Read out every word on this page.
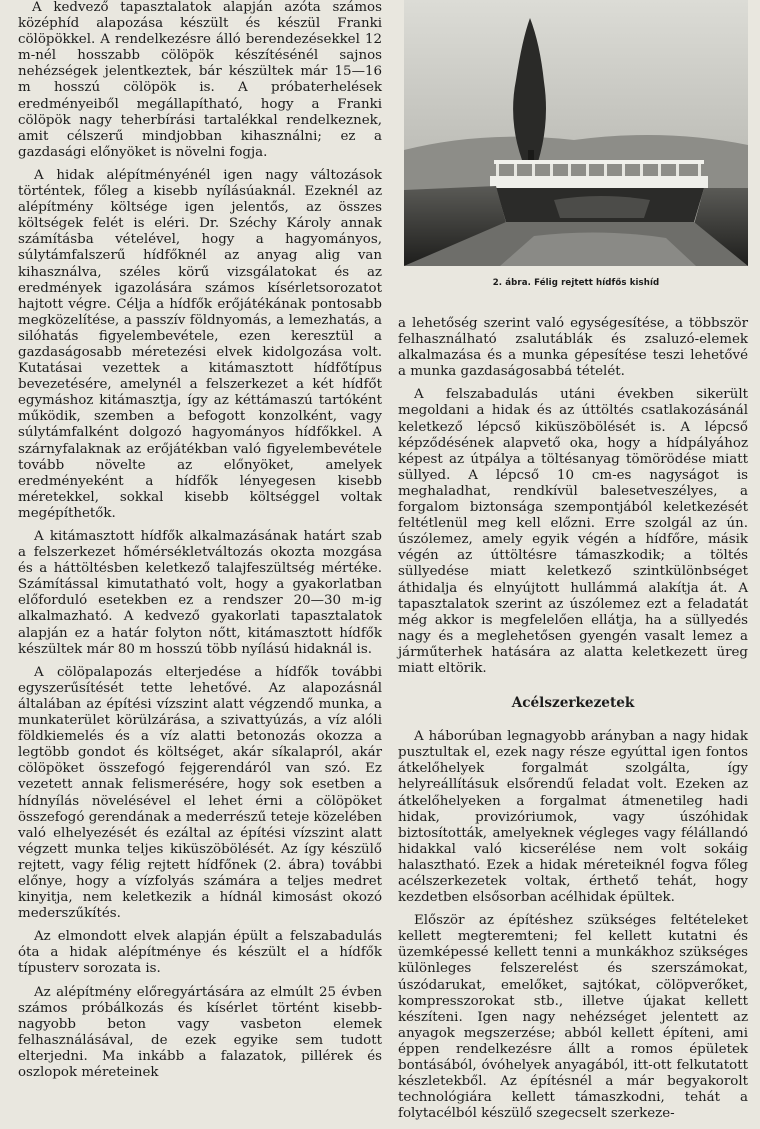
A kedvező tapasztalatok alapján azóta számos középhíd alapozása készült és készül Franki cölöpökkel. A rendelkezésre álló berendezésekkel 12 m-nél hosszabb cölöpök készítésénél sajnos nehézségek jelentkeztek, bár készültek már 15—16 m hosszú cölöpök is. A próbaterhelések eredményeiből megállapítható, hogy a Franki cölöpök nagy teherbírási tartalékkal rendelkeznek, amit célszerű mindjobban kihasználni; ez a gazdasági előnyöket is növelni fogja.

A hidak alépítményénél igen nagy változások történtek, főleg a kisebb nyílásúaknál. Ezeknél az alépítmény költsége igen jelentős, az összes költségek felét is eléri. Dr. Széchy Károly annak számításba vételével, hogy a hagyományos, súlytámfalszerű hídfőknél az anyag alig van kihasználva, széles körű vizsgálatokat és az eredmények igazolására számos kísérletsorozatot hajtott végre. Célja a hídfők erőjátékának pontosabb megközelítése, a passzív földnyomás, a lemezhatás, a silóhatás figyelembevétele, ezen keresztül a gazdaságosabb méretezési elvek kidolgozása volt. Kutatásai vezettek a kitámasztott hídfőtípus bevezetésére, amelynél a felszerkezet a két hídfőt egymáshoz kitámasztja, így az kéttámaszú tartóként működik, szemben a befogott konzolként, vagy súlytámfalként dolgozó hagyományos hídfőkkel. A szárnyfalaknak az erőjátékban való figyelembevétele tovább növelte az előnyöket, amelyek eredményeként a hídfők lényegesen kisebb méretekkel, sokkal kisebb költséggel voltak megépíthetők.

A kitámasztott hídfők alkalmazásának határt szab a felszerkezet hőmérsékletváltozás okozta mozgása és a háttöltésben keletkező talajfeszültség mértéke. Számítással kimutatható volt, hogy a gyakorlatban előforduló esetekben ez a rendszer 20—30 m-ig alkalmazható. A kedvező gyakorlati tapasztalatok alapján ez a határ folyton nőtt, kitámasztott hídfők készültek már 80 m hosszú több nyílású hidaknál is.

A cölöpalapozás elterjedése a hídfők további egyszerűsítését tette lehetővé. Az alapozásnál általában az építési vízszint alatt végzendő munka, a munkaterület körülzárása, a szivattyúzás, a víz alóli földkiemelés és a víz alatti betonozás okozza a legtöbb gondot és költséget, akár síkalapról, akár cölöpöket összefogó fejgerendáról van szó. Ez vezetett annak felismerésére, hogy sok esetben a hídnyílás növelésével el lehet érni a cölöpöket összefogó gerendának a mederrészű teteje közelében való elhelyezését és ezáltal az építési vízszint alatt végzett munka teljes kiküszöbölését. Az így készülő rejtett, vagy félig rejtett hídfőnek (2. ábra) további előnye, hogy a vízfolyás számára a teljes medret kinyitja, nem keletkezik a hídnál kimosást okozó mederszűkítés.

Az elmondott elvek alapján épült a felszabadulás óta a hidak alépítménye és készült el a hídfők típusterv sorozata is.

Az alépítmény előregyártására az elmúlt 25 évben számos próbálkozás és kísérlet történt kisebb-nagyobb beton vagy vasbeton elemek felhasználásával, de ezek egyike sem tudott elterjedni. Ma inkább a falazatok, pillérek és oszlopok méreteinek

2. ábra. Félig rejtett hídfős kishíd

a lehetőség szerint való egységesítése, a többször felhasználható zsalutáblák és zsaluzó-elemek alkalmazása és a munka gépesítése teszi lehetővé a munka gazdaságosabbá tételét.

A felszabadulás utáni években sikerült megoldani a hidak és az úttöltés csatlakozásánál keletkező lépcső kiküszöbölését is. A lépcső képződésének alapvető oka, hogy a hídpályához képest az útpálya a töltésanyag tömörödése miatt süllyed. A lépcső 10 cm-es nagyságot is meghaladhat, rendkívül balesetveszélyes, a forgalom biztonsága szempontjából keletkezését feltétlenül meg kell előzni. Erre szolgál az ún. úszólemez, amely egyik végén a hídfőre, másik végén az úttöltésre támaszkodik; a töltés süllyedése miatt keletkező szintkülönbséget áthidalja és elnyújtott hullámmá alakítja át. A tapasztalatok szerint az úszólemez ezt a feladatát még akkor is megfelelően ellátja, ha a süllyedés nagy és a meglehetősen gyengén vasalt lemez a járműterhek hatására az alatta keletkezett üreg miatt eltörik.

Acélszerkezetek

A háborúban legnagyobb arányban a nagy hidak pusztultak el, ezek nagy része egyúttal igen fontos átkelőhelyek forgalmát szolgálta, így helyreállításuk elsőrendű feladat volt. Ezeken az átkelőhelyeken a forgalmat átmenetileg hadi hidak, provizóriumok, vagy úszóhidak biztosították, amelyeknek végleges vagy félállandó hidakkal való kicserélése nem volt sokáig halasztható. Ezek a hidak méreteiknél fogva főleg acélszerkezetek voltak, érthető tehát, hogy kezdetben elsősorban acélhidak épültek.

Először az építéshez szükséges feltételeket kellett megteremteni; fel kellett kutatni és üzemképessé kellett tenni a munkákhoz szükséges különleges felszerelést és szerszámokat, úszódarukat, emelőket, sajtókat, cölöpverőket, kompresszorokat stb., illetve újakat kellett készíteni. Igen nagy nehézséget jelentett az anyagok megszerzése; abból kellett építeni, ami éppen rendelkezésre állt a romos épületek bontásából, óvóhelyek anyagából, itt-ott felkutatott készletekből. Az építésnél a már begyakorolt technológiára kellett támaszkodni, tehát a folytacélból készülő szegecselt szerkeze-
